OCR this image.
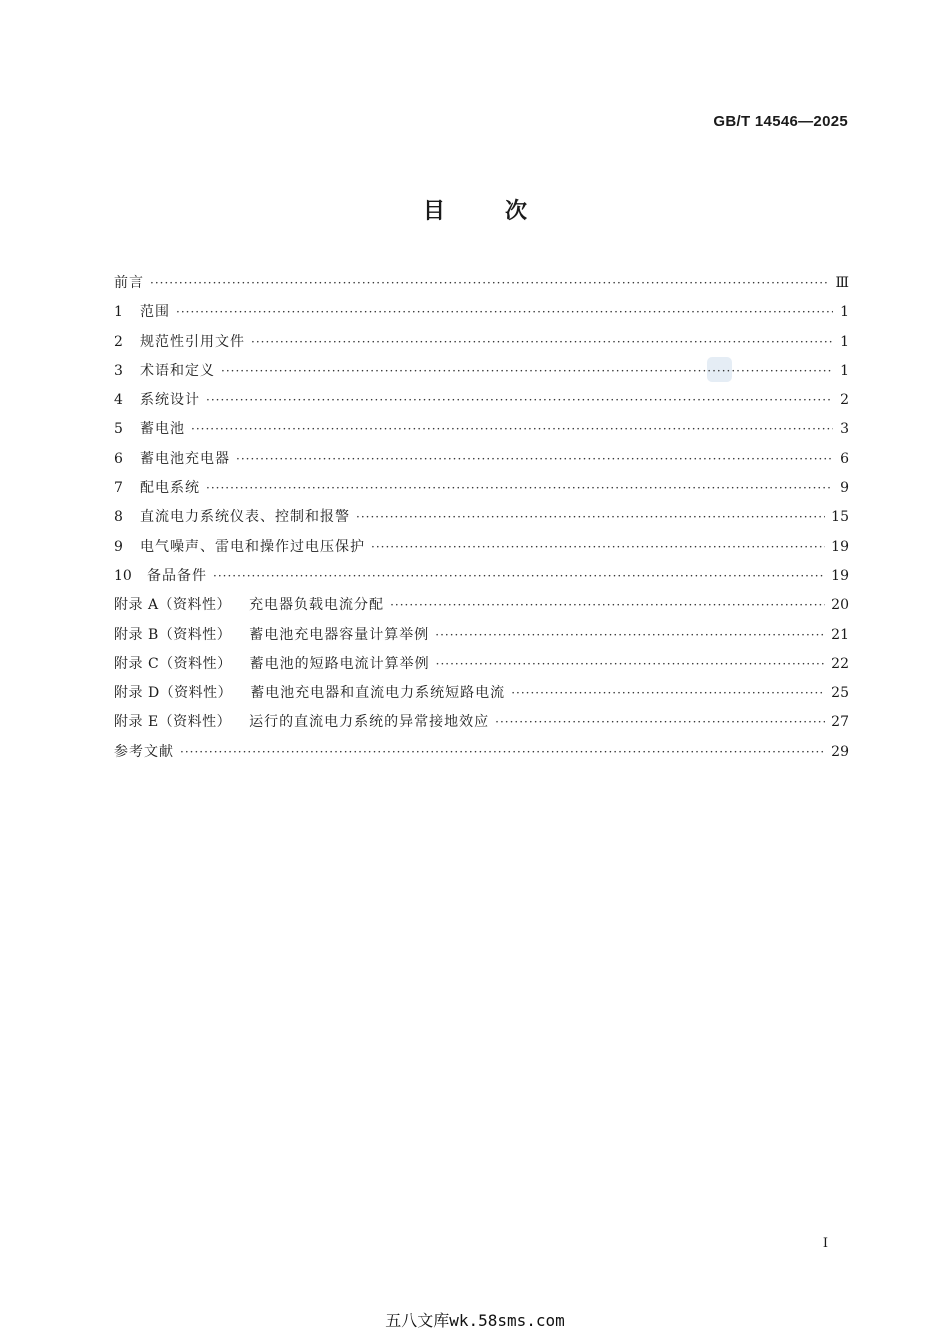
GB/T 14546—2025
目次
前言 ·····	Ⅲ
1	范围 ·····	1
2	规范性引用文件 ·····	1
3	术语和定义 ·····	1
4	系统设计 ·····	2
5	蓄电池 ·····	3
6	蓄电池充电器 ·····	6
7	配电系统 ·····	9
8	直流电力系统仪表、控制和报警 ·····	15
9	电气噪声、雷电和操作过电压保护 ·····	19
10	备品备件 ·····	19
附录 A（资料性） 充电器负载电流分配 ·····	20
附录 B（资料性） 蓄电池充电器容量计算举例 ·····	21
附录 C（资料性） 蓄电池的短路电流计算举例 ·····	22
附录 D（资料性） 蓄电池充电器和直流电力系统短路电流 ·····	25
附录 E（资料性） 运行的直流电力系统的异常接地效应 ·····	27
参考文献 ·····	29
I
五八文库wk.58sms.com
